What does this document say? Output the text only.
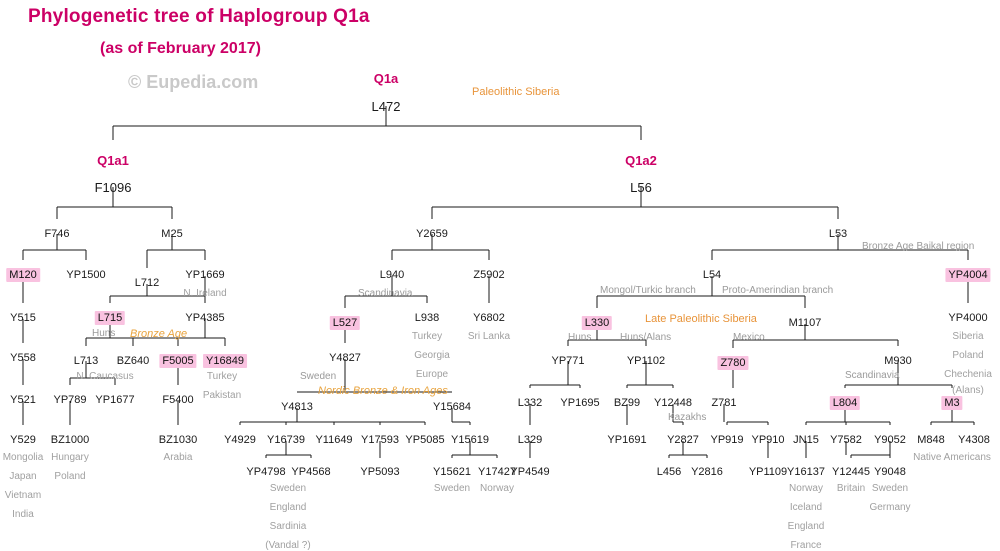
Phylogenetic tree of Haplogroup Q1a
(as of February 2017)
© Eupedia.com	Q1a
L472
Paleolithic Siberia
Q1a1
F1096
Q1a2
L56
F746	M25	Y2659	L53
Bronze Age Baikal region
M120	YP1500
L712
YP1669
N. Ireland
L940	Z5902
Scandinavia
L54	YP4004
Mongol/Turkic branch	Proto-Amerindian branch
Y515	L715	YP4385
Huns Bronze Age
L527	L938	Y6802
Turkey
Georgia
Europe
Sri Lanka
L330	M1107
Late Paleolithic Siberia
Huns	Huns/Alans	Mexico
YP4000
Siberia
Poland
Chechenia
(Alans)
Y558	L713 BZ640 F5005 Y16849
N. Caucasus	Turkey
Pakistan
Y4827
Sweden
Nordic Bronze & Iron Ages
YP771	YP1102	Z780	M930
Scandinavia
F5400
Y521 YP789 YP1677
Y4813	Y15684	L332 YP1695 BZ99 Y12448
Kazakhs
Z781	L804	M3
Y529 BZ1000	BZ1030
Mongolia
Japan
Vietnam
India
Hungary
Poland
Arabia
Y4929 Y16739 Y11649 Y17593 YP5085 Y15619	L329	YP1691 Y2827 YP919 YP910 JN15 Y7582 Y9052 M848 Y4308
Native Americans
YP4798 YP4568	YP5093	Y15621 Y17427
Sweden
England
Sardinia
(Vandal ?)
Sweden Norway
YP4549	L456 Y2816 YP1109 Y16137 Y12445 Y9048
Norway
Iceland
England
France
Britain Sweden
Germany
